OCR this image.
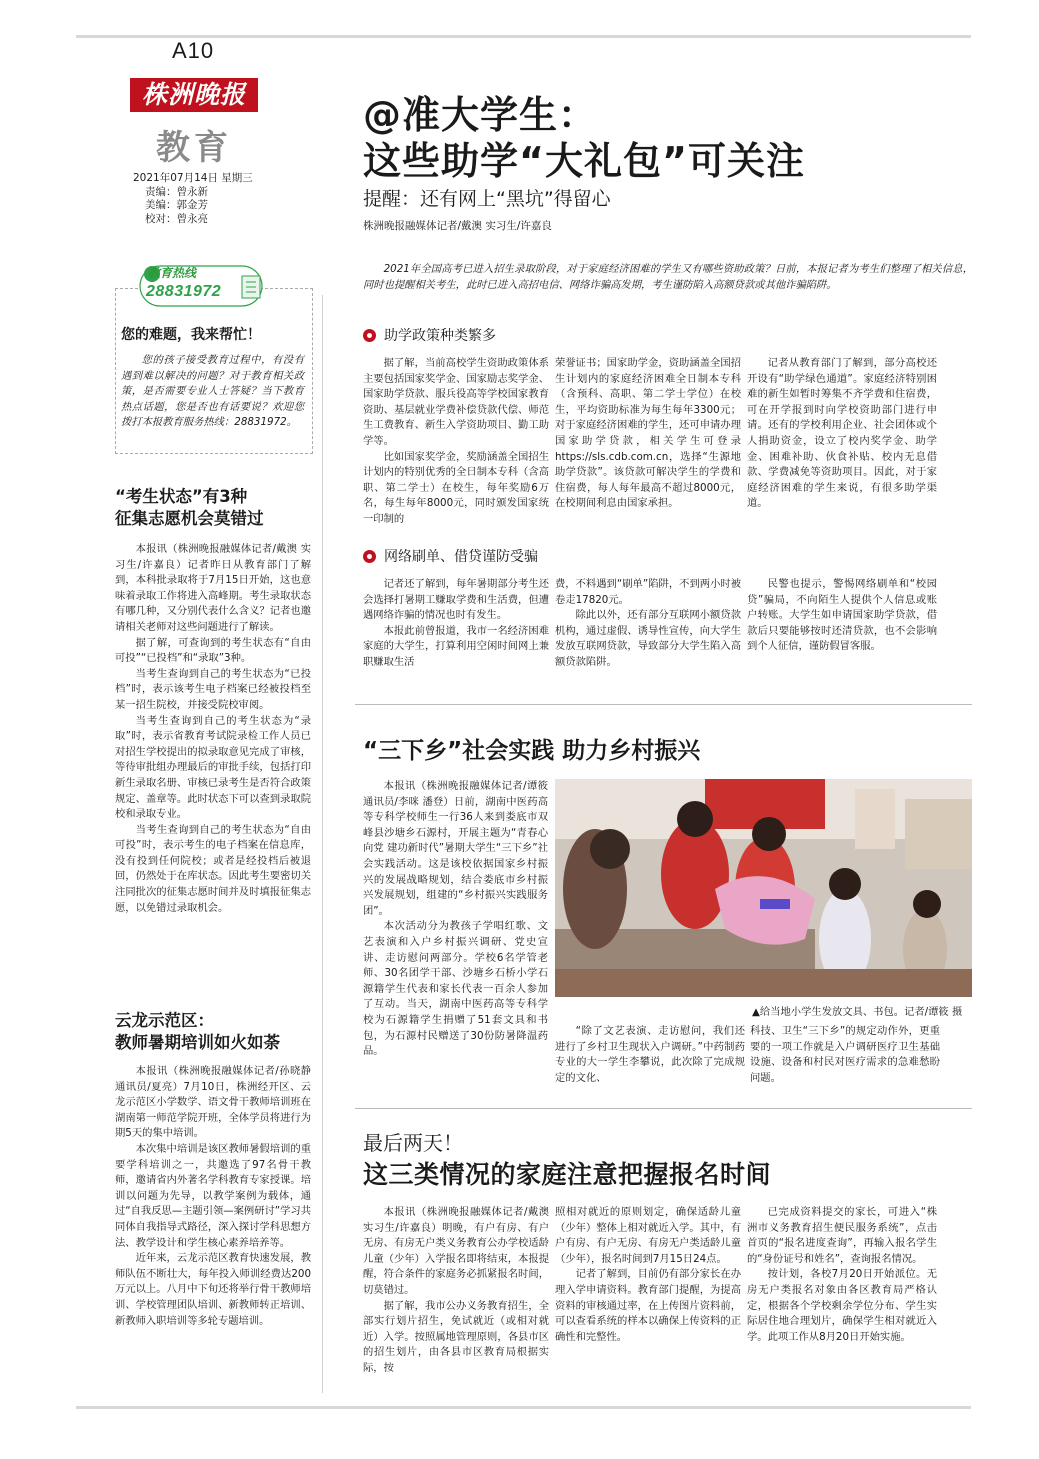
A10
株洲晚报
教育
2021年07月14日 星期三
责编：曾永新
美编：郭金芳
校对：曾永亮
教育热线
28831972
您的难题，我来帮忙！
您的孩子接受教育过程中，有没有遇到难以解决的问题？对于教育相关政策，是否需要专业人士答疑？当下教育热点话题，您是否也有话要说？欢迎您拨打本报教育服务热线：28831972。
“考生状态”有3种
征集志愿机会莫错过

本报讯（株洲晚报融媒体记者/戴澳 实习生/许嘉良）记者昨日从教育部门了解到，本科批录取将于7月15日开始，这也意味着录取工作将进入高峰期。考生录取状态有哪几种，又分别代表什么含义？记者也邀请相关老师对这些问题进行了解读。

据了解，可查询到的考生状态有“自由可投”“已投档”和“录取”3种。

当考生查询到自己的考生状态为“已投档”时，表示该考生电子档案已经被投档至某一招生院校，并接受院校审阅。

当考生查询到自己的考生状态为“录取”时，表示省教育考试院录检工作人员已对招生学校提出的拟录取意见完成了审核，等待审批组办理最后的审批手续，包括打印新生录取名册、审核已录考生是否符合政策规定、盖章等。此时状态下可以查到录取院校和录取专业。

当考生查询到自己的考生状态为“自由可投”时，表示考生的电子档案在信息库，没有投到任何院校；或者是经投档后被退回，仍然处于在库状态。因此考生要密切关注同批次的征集志愿时间并及时填报征集志愿，以免错过录取机会。

云龙示范区：
教师暑期培训如火如荼

本报讯（株洲晚报融媒体记者/孙晓静 通讯员/夏亮）7月10日，株洲经开区、云龙示范区小学数学、语文骨干教师培训班在湖南第一师范学院开班，全体学员将进行为期5天的集中培训。

本次集中培训是该区教师暑假培训的重要学科培训之一，共邀选了97名骨干教师，邀请省内外著名学科教育专家授课。培训以问题为先导，以教学案例为载体，通过“自我反思—主题引领—案例研讨”学习共同体自我指导式路径，深入探讨学科思想方法、教学设计和学生核心素养培养等。

近年来，云龙示范区教育快速发展，教师队伍不断壮大，每年投入师训经费达200万元以上。八月中下旬还将举行骨干教师培训、学校管理团队培训、新教师转正培训、新教师入职培训等多轮专题培训。

@准大学生：
这些助学“大礼包”可关注
提醒：还有网上“黑坑”得留心
株洲晚报融媒体记者/戴澳 实习生/许嘉良
2021年全国高考已进入招生录取阶段，对于家庭经济困难的学生又有哪些资助政策？日前，本报记者为考生们整理了相关信息，同时也提醒相关考生，此时已进入高招电信、网络诈骗高发期，考生谨防陷入高额贷款或其他诈骗陷阱。
助学政策种类繁多

据了解，当前高校学生资助政策体系主要包括国家奖学金、国家励志奖学金、国家助学贷款、服兵役高等学校国家教育资助、基层就业学费补偿贷款代偿、师范生工费教育、新生入学资助项目、勤工助学等。

比如国家奖学金，奖励涵盖全国招生计划内的特别优秀的全日制本专科（含高职、第二学士）在校生，每年奖励6万名，每生每年8000元，同时颁发国家统一印制的

荣誉证书；国家助学金，资助涵盖全国招生计划内的家庭经济困难全日制本专科（含预科、高职、第二学士学位）在校生，平均资助标准为每生每年3300元；对于家庭经济困难的学生，还可申请办理国家助学贷款，相关学生可登录https://sls.cdb.com.cn，选择“生源地助学贷款”。该贷款可解决学生的学费和住宿费，每人每年最高不超过8000元，在校期间利息由国家承担。

记者从教育部门了解到，部分高校还开设有“助学绿色通道”。家庭经济特别困难的新生如暂时筹集不齐学费和住宿费，可在开学报到时向学校资助部门进行申请。还有的学校利用企业、社会团体或个人捐助资金，设立了校内奖学金、助学金、困难补助、伙食补贴、校内无息借款、学费减免等资助项目。因此，对于家庭经济困难的学生来说，有很多助学渠道。

网络刷单、借贷谨防受骗

记者还了解到，每年暑期部分考生还会选择打暑期工赚取学费和生活费，但遭遇网络诈骗的情况也时有发生。

本报此前曾报道，我市一名经济困难家庭的大学生，打算利用空闲时间网上兼职赚取生活

费，不料遇到“刷单”陷阱，不到两小时被卷走17820元。

除此以外，还有部分互联网小额贷款机构，通过虚假、诱导性宣传，向大学生发放互联网贷款，导致部分大学生陷入高额贷款陷阱。

民警也提示，警惕网络刷单和“校园贷”骗局，不向陌生人提供个人信息或账户转账。大学生如申请国家助学贷款，借款后只要能够按时还清贷款，也不会影响到个人征信，谨防假冒客服。

“三下乡”社会实践 助力乡村振兴

本报讯（株洲晚报融媒体记者/谭筱 通讯员/李咪 潘登）日前，湖南中医药高等专科学校师生一行36人来到娄底市双峰县沙塘乡石源村，开展主题为“青春心向党 建功新时代”暑期大学生“三下乡”社会实践活动。这是该校依据国家乡村振兴的发展战略规划，结合娄底市乡村振兴发展规划，组建的“乡村振兴实践服务团”。

本次活动分为教孩子学唱红歌、文艺表演和入户乡村振兴调研、党史宣讲、走访慰问两部分。学校6名学管老师、30名团学干部、沙塘乡石桥小学石源籍学生代表和家长代表一百余人参加了互动。当天，湖南中医药高等专科学校为石源籍学生捐赠了51套文具和书包，为石源村民赠送了30份防暑降温药品。

▲给当地小学生发放文具、书包。记者/谭筱 摄

“除了文艺表演、走访慰问，我们还进行了乡村卫生现状入户调研。”中药制药专业的大一学生李攀说，此次除了完成规定的文化、

科技、卫生“三下乡”的规定动作外，更重要的一项工作就是入户调研医疗卫生基础设施、设备和村民对医疗需求的急难愁盼问题。

最后两天！
这三类情况的家庭注意把握报名时间

本报讯（株洲晚报融媒体记者/戴澳 实习生/许嘉良）明晚，有户有房、有户无房、有房无户类义务教育公办学校适龄儿童（少年）入学报名即将结束，本报提醒，符合条件的家庭务必抓紧报名时间，切莫错过。

据了解，我市公办义务教育招生，全部实行划片招生，免试就近（或相对就近）入学。按照属地管理原则，各县市区的招生划片，由各县市区教育局根据实际，按

照相对就近的原则划定，确保适龄儿童（少年）整体上相对就近入学。其中，有户有房、有户无房、有房无户类适龄儿童（少年），报名时间到7月15日24点。

记者了解到，目前仍有部分家长在办理入学申请资料。教育部门提醒，为提高资料的审核通过率，在上传图片资料前，可以查看系统的样本以确保上传资料的正确性和完整性。

已完成资料提交的家长，可进入“株洲市义务教育招生便民服务系统”，点击首页的“报名进度查询”，再输入报名学生的“身份证号和姓名”，查询报名情况。

按计划，各校7月20日开始派位。无房无户类报名对象由各区教育局严格认定，根据各个学校剩余学位分布、学生实际居住地合理划片，确保学生相对就近入学。此项工作从8月20日开始实施。
